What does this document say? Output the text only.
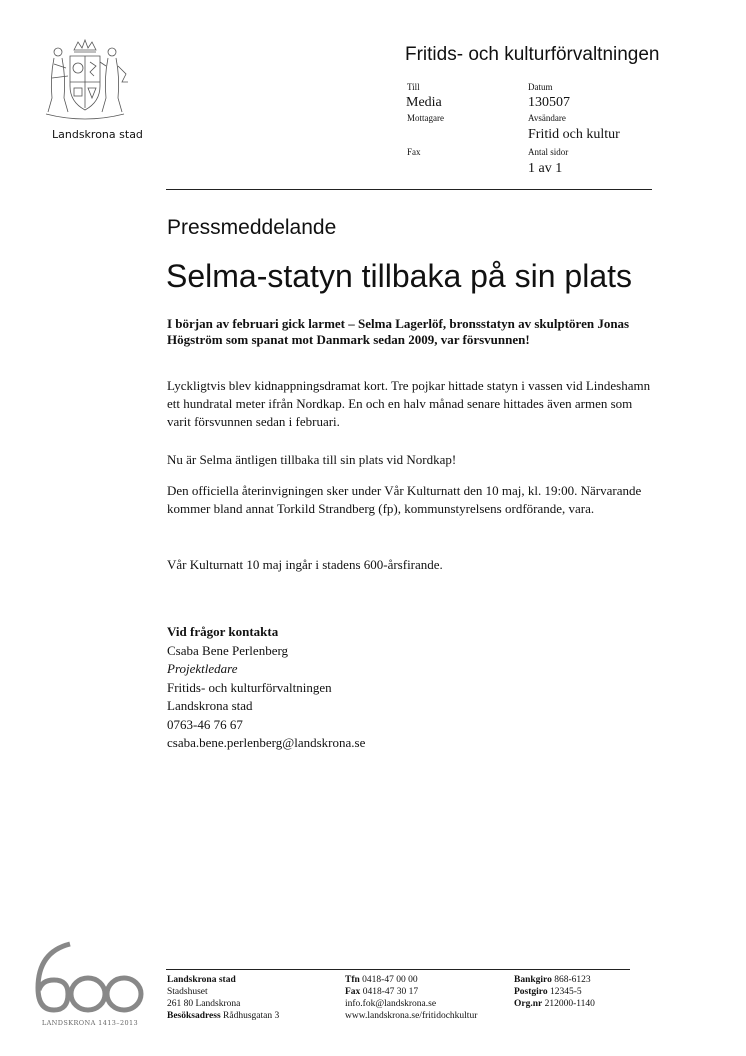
Landskrona stad
Fritids- och kulturförvaltningen
Till
Media
Mottagare
Fax
Datum
130507
Avsändare
Fritid och kultur
Antal sidor
1 av 1
Pressmeddelande
Selma-statyn tillbaka på sin plats
I början av februari gick larmet – Selma Lagerlöf, bronsstatyn av skulptören Jonas Högström som spanat mot Danmark sedan 2009, var försvunnen!
Lyckligtvis blev kidnappningsdramat kort. Tre pojkar hittade statyn i vassen vid Lindeshamn ett hundratal meter ifrån Nordkap. En och en halv månad senare hittades även armen som varit försvunnen sedan i februari.
Nu är Selma äntligen tillbaka till sin plats vid Nordkap!
Den officiella återinvigningen sker under Vår Kulturnatt den 10 maj, kl. 19:00. Närvarande kommer bland annat Torkild Strandberg (fp), kommunstyrelsens ordförande, vara.
Vår Kulturnatt 10 maj ingår i stadens 600-årsfirande.
Vid frågor kontakta
Csaba Bene Perlenberg
Projektledare
Fritids- och kulturförvaltningen
Landskrona stad
0763-46 76 67
csaba.bene.perlenberg@landskrona.se
LANDSKRONA 1413–2013
Landskrona stad
Stadshuset
261 80 Landskrona
Besöksadress Rådhusgatan 3
Tfn 0418-47 00 00
Fax 0418-47 30 17
info.fok@landskrona.se
www.landskrona.se/fritidochkultur
Bankgiro 868-6123
Postgiro 12345-5
Org.nr 212000-1140
